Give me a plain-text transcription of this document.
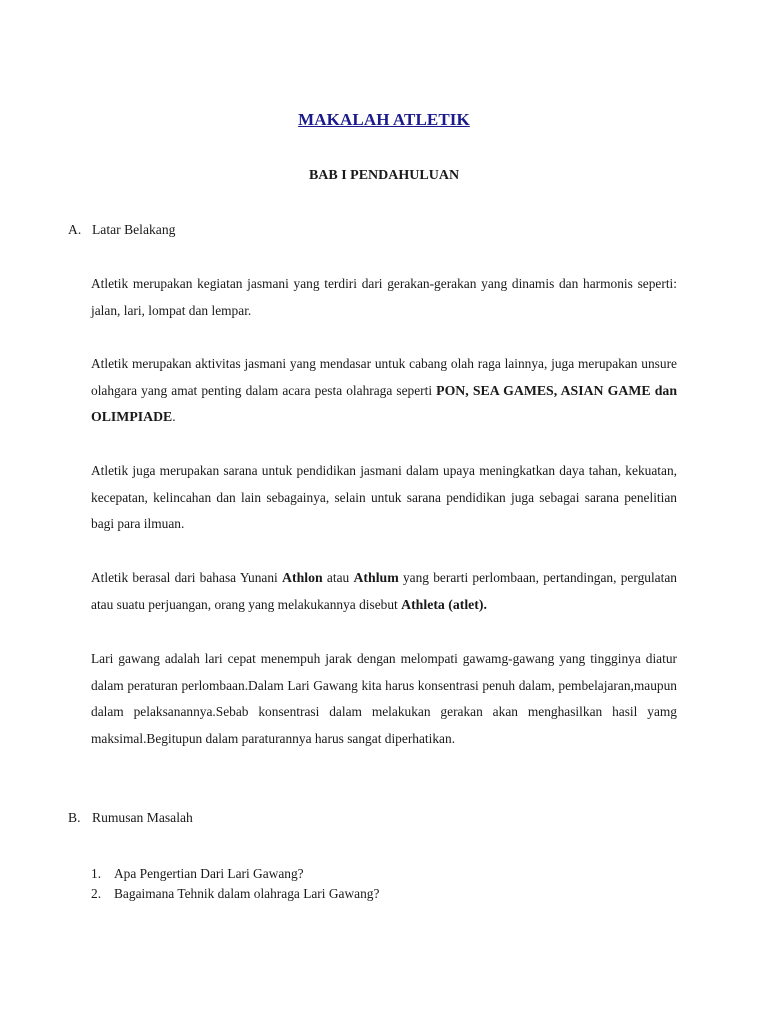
MAKALAH ATLETIK
BAB I PENDAHULUAN
A. Latar Belakang
Atletik merupakan kegiatan jasmani yang terdiri dari gerakan-gerakan yang dinamis dan harmonis seperti: jalan, lari, lompat dan lempar.
Atletik merupakan aktivitas jasmani yang mendasar untuk cabang olah raga lainnya, juga merupakan unsure olahgara yang amat penting dalam acara pesta olahraga seperti PON, SEA GAMES, ASIAN GAME dan OLIMPIADE.
Atletik juga merupakan sarana untuk pendidikan jasmani dalam upaya meningkatkan daya tahan, kekuatan, kecepatan, kelincahan dan lain sebagainya, selain untuk sarana pendidikan juga sebagai sarana penelitian bagi para ilmuan.
Atletik berasal dari bahasa Yunani Athlon atau Athlum yang berarti perlombaan, pertandingan, pergulatan atau suatu perjuangan, orang yang melakukannya disebut Athleta (atlet).
Lari gawang adalah lari cepat menempuh jarak dengan melompati gawamg-gawang yang tingginya diatur dalam peraturan perlombaan.Dalam Lari Gawang kita harus konsentrasi penuh dalam, pembelajaran,maupun dalam pelaksanannya.Sebab konsentrasi dalam melakukan gerakan akan menghasilkan hasil yamg maksimal.Begitupun dalam paraturannya harus sangat diperhatikan.
B. Rumusan Masalah
1. Apa Pengertian Dari Lari Gawang?
2. Bagaimana Tehnik dalam olahraga Lari Gawang?
